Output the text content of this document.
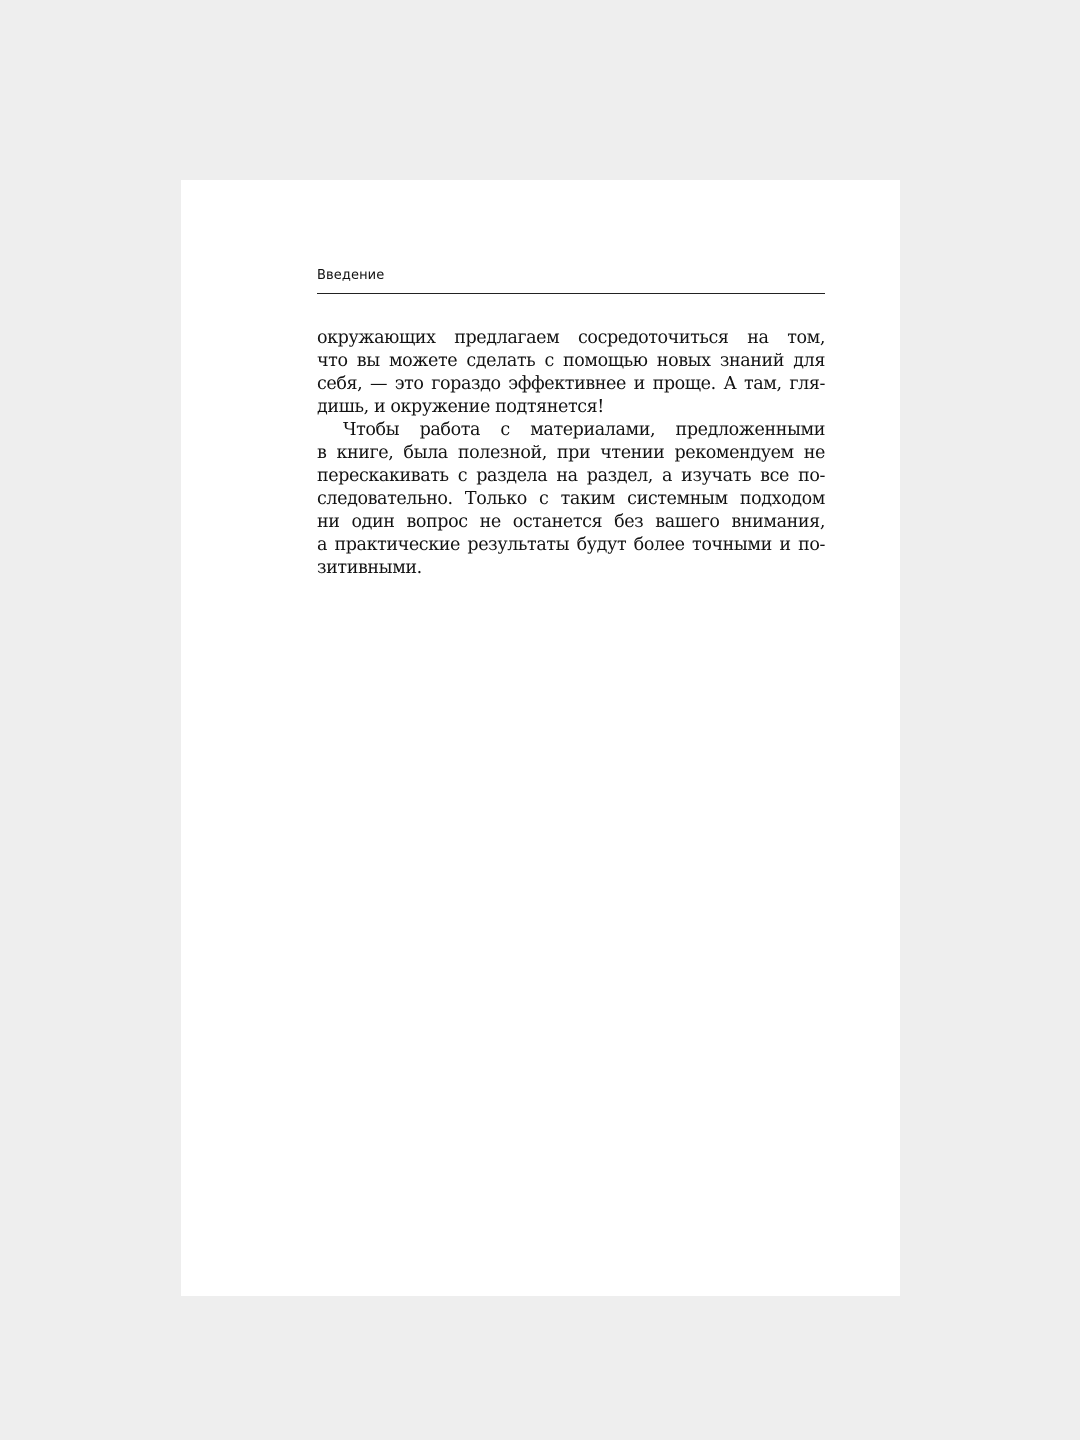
Введение
окружающих предлагаем сосредоточиться на том,
что вы можете сделать с помощью новых знаний для
себя, — это гораздо эффективнее и проще. А там, гля-
дишь, и окружение подтянется!
Чтобы работа с материалами, предложенными
в книге, была полезной, при чтении рекомендуем не
перескакивать с раздела на раздел, а изучать все по-
следовательно. Только с таким системным подходом
ни один вопрос не останется без вашего внимания,
а практические результаты будут более точными и по-
зитивными.
